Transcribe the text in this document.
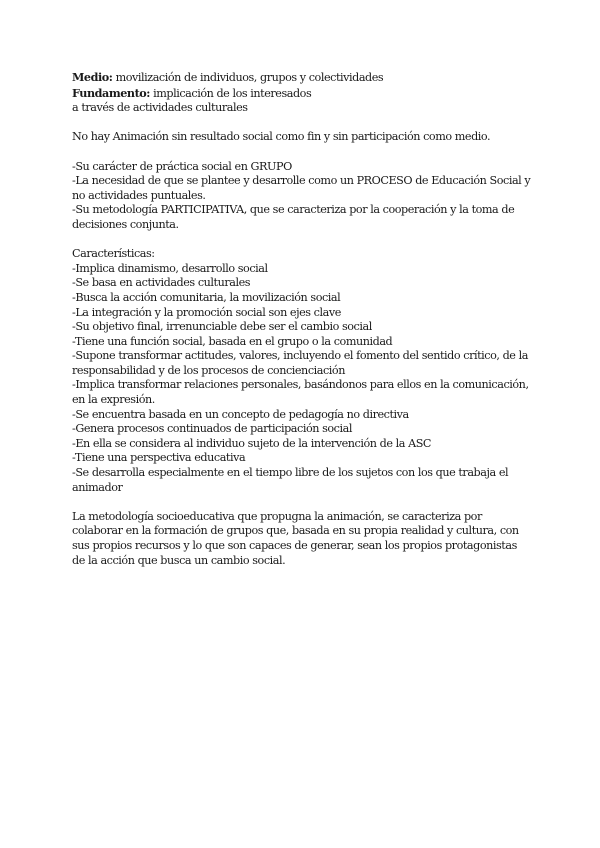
Medio: movilización de individuos, grupos y colectividades
Fundamento: implicación de los interesados
a través de actividades culturales
No hay Animación sin resultado social como fin y sin participación como medio.
-Su carácter de práctica social en GRUPO
-La necesidad de que se plantee y desarrolle como un PROCESO de Educación Social y no actividades puntuales.
-Su metodología PARTICIPATIVA, que se caracteriza por la cooperación y la toma de decisiones conjunta.
Características:
-Implica dinamismo, desarrollo social
-Se basa en actividades culturales
-Busca la acción comunitaria, la movilización social
-La integración y la promoción social son ejes clave
-Su objetivo final, irrenunciable debe ser el cambio social
-Tiene una función social, basada en el grupo o la comunidad
-Supone transformar actitudes, valores, incluyendo el fomento del sentido crítico, de la responsabilidad y de los procesos de concienciación
-Implica transformar relaciones personales, basándonos para ellos en la comunicación, en la expresión.
-Se encuentra basada en un concepto de pedagogía no directiva
-Genera procesos continuados de participación social
-En ella se considera al individuo sujeto de la intervención de la ASC
-Tiene una perspectiva educativa
-Se desarrolla especialmente en el tiempo libre de los sujetos con los que trabaja el animador
La metodología socioeducativa que propugna la animación, se caracteriza por colaborar en la formación de grupos que, basada en su propia realidad y cultura, con sus propios recursos y lo que son capaces de generar, sean los propios protagonistas de la acción que busca un cambio social.
